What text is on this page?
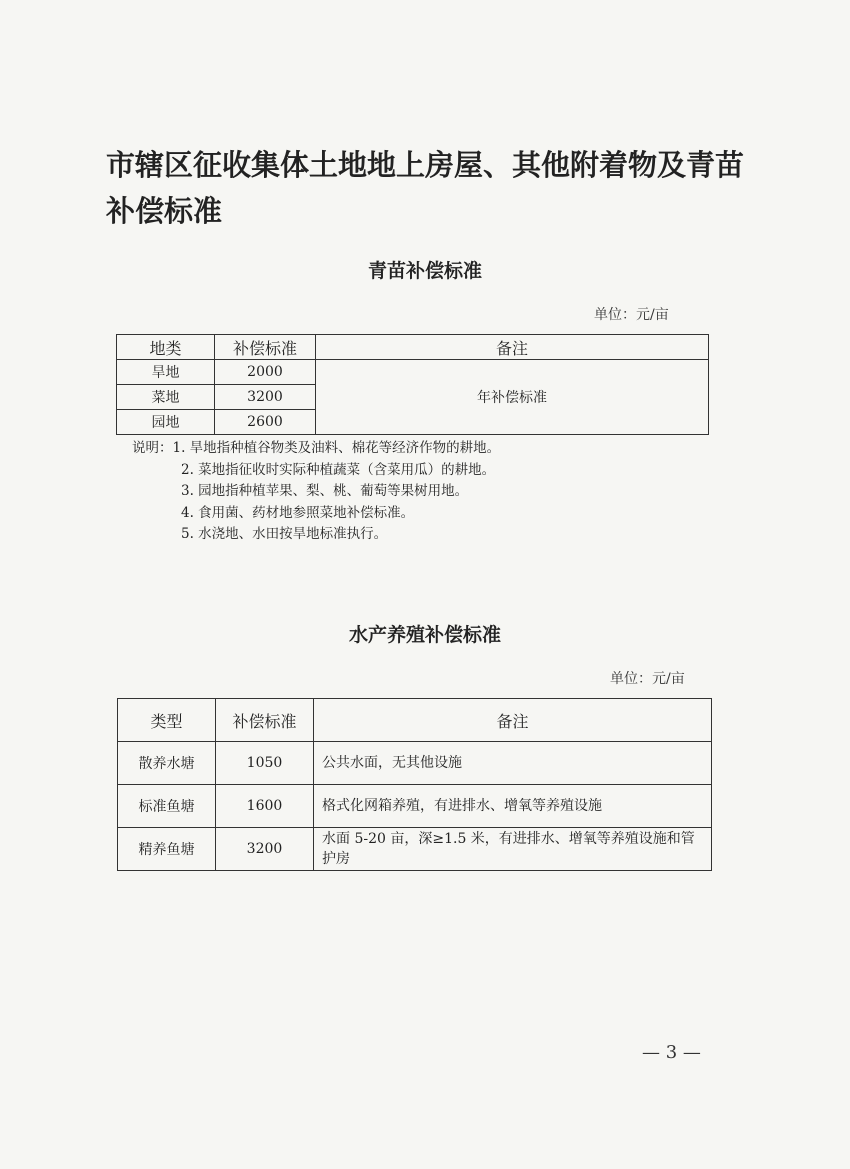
市辖区征收集体土地地上房屋、其他附着物及青苗补偿标准
青苗补偿标准
单位：元/亩
地类	补偿标准	备注
旱地	2000	年补偿标准
菜地	3200	
园地	2600	
说明：1. 旱地指种植谷物类及油料、棉花等经济作物的耕地。
2. 菜地指征收时实际种植蔬菜（含菜用瓜）的耕地。
3. 园地指种植苹果、梨、桃、葡萄等果树用地。
4. 食用菌、药材地参照菜地补偿标准。
5. 水浇地、水田按旱地标准执行。
水产养殖补偿标准
单位：元/亩
类型	补偿标准	备注
散养水塘	1050	公共水面，无其他设施
标准鱼塘	1600	格式化网箱养殖，有进排水、增氧等养殖设施
精养鱼塘	3200	水面 5-20 亩，深≥1.5 米，有进排水、增氧等养殖设施和管护房
— 3 —
